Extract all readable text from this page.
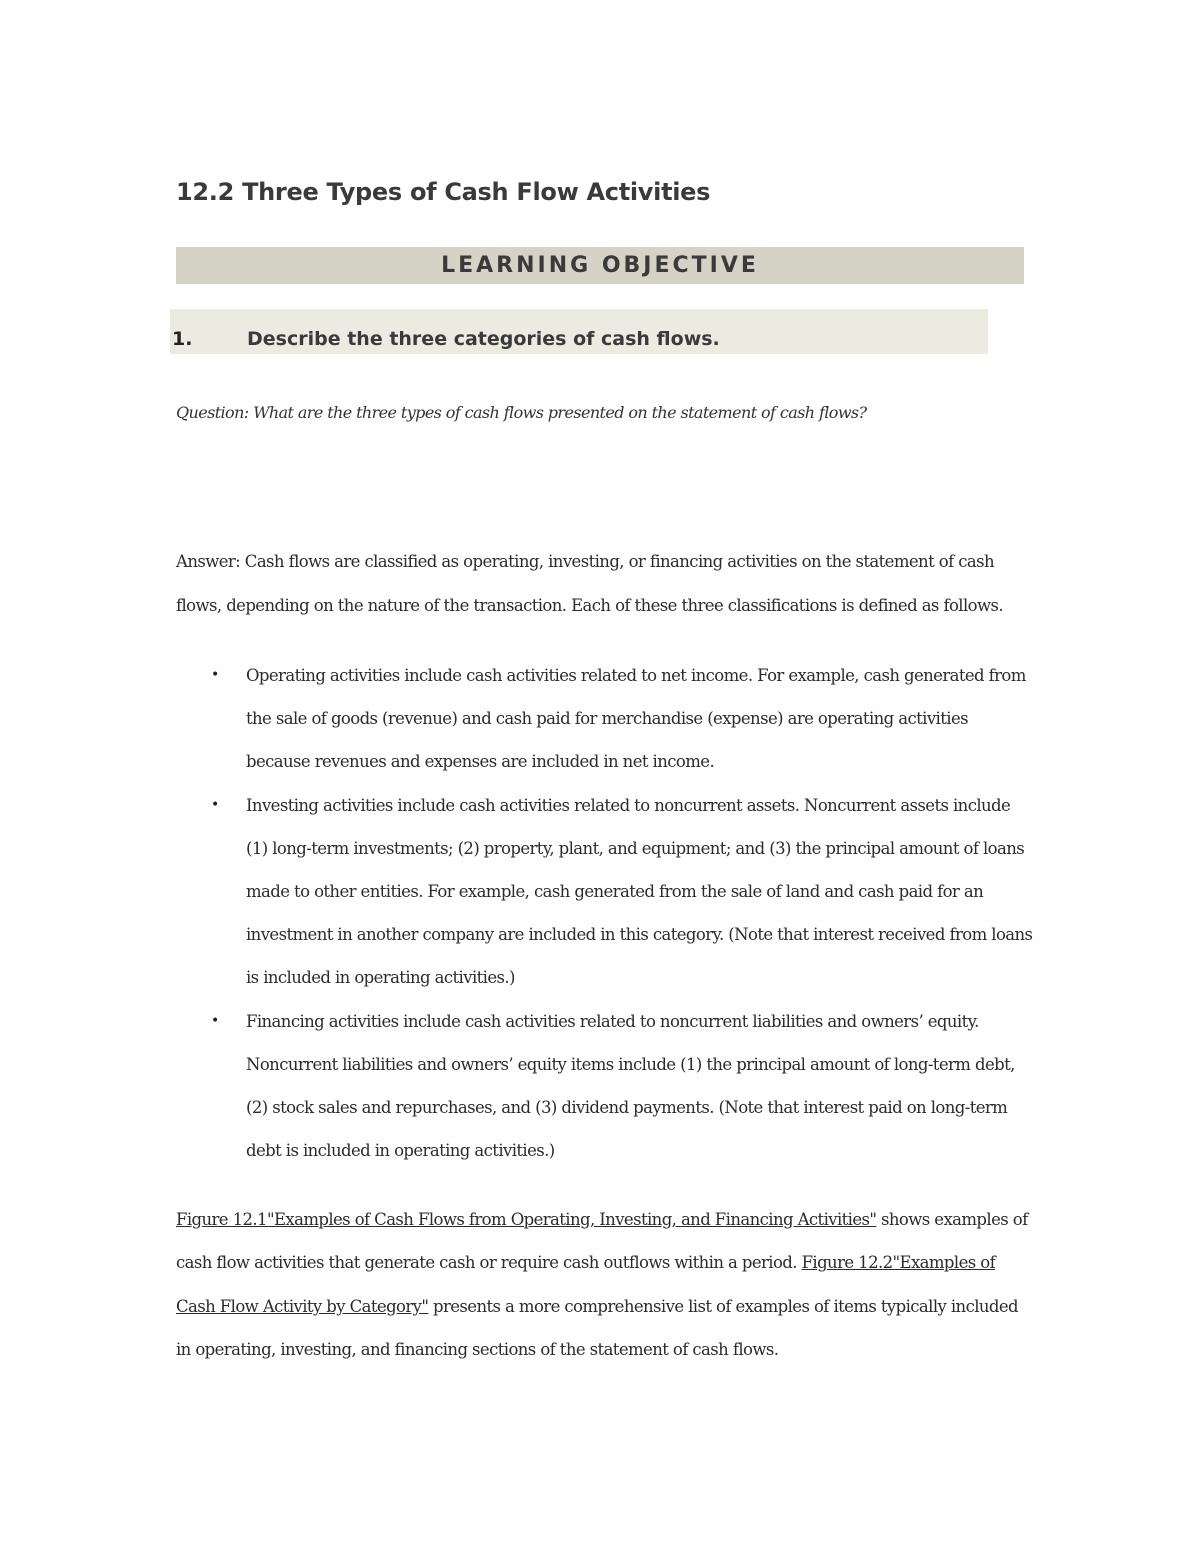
12.2 Three Types of Cash Flow Activities
LEARNING OBJECTIVE
1.	Describe the three categories of cash flows.
Question: What are the three types of cash flows presented on the statement of cash flows?

Answer: Cash flows are classified as operating, investing, or financing activities on the statement of cash flows, depending on the nature of the transaction. Each of these three classifications is defined as follows.

• Operating activities include cash activities related to net income. For example, cash generated from the sale of goods (revenue) and cash paid for merchandise (expense) are operating activities because revenues and expenses are included in net income.
• Investing activities include cash activities related to noncurrent assets. Noncurrent assets include (1) long-term investments; (2) property, plant, and equipment; and (3) the principal amount of loans made to other entities. For example, cash generated from the sale of land and cash paid for an investment in another company are included in this category. (Note that interest received from loans is included in operating activities.)
• Financing activities include cash activities related to noncurrent liabilities and owners’ equity. Noncurrent liabilities and owners’ equity items include (1) the principal amount of long-term debt, (2) stock sales and repurchases, and (3) dividend payments. (Note that interest paid on long-term debt is included in operating activities.)

Figure 12.1"Examples of Cash Flows from Operating, Investing, and Financing Activities" shows examples of cash flow activities that generate cash or require cash outflows within a period. Figure 12.2"Examples of Cash Flow Activity by Category" presents a more comprehensive list of examples of items typically included in operating, investing, and financing sections of the statement of cash flows.
